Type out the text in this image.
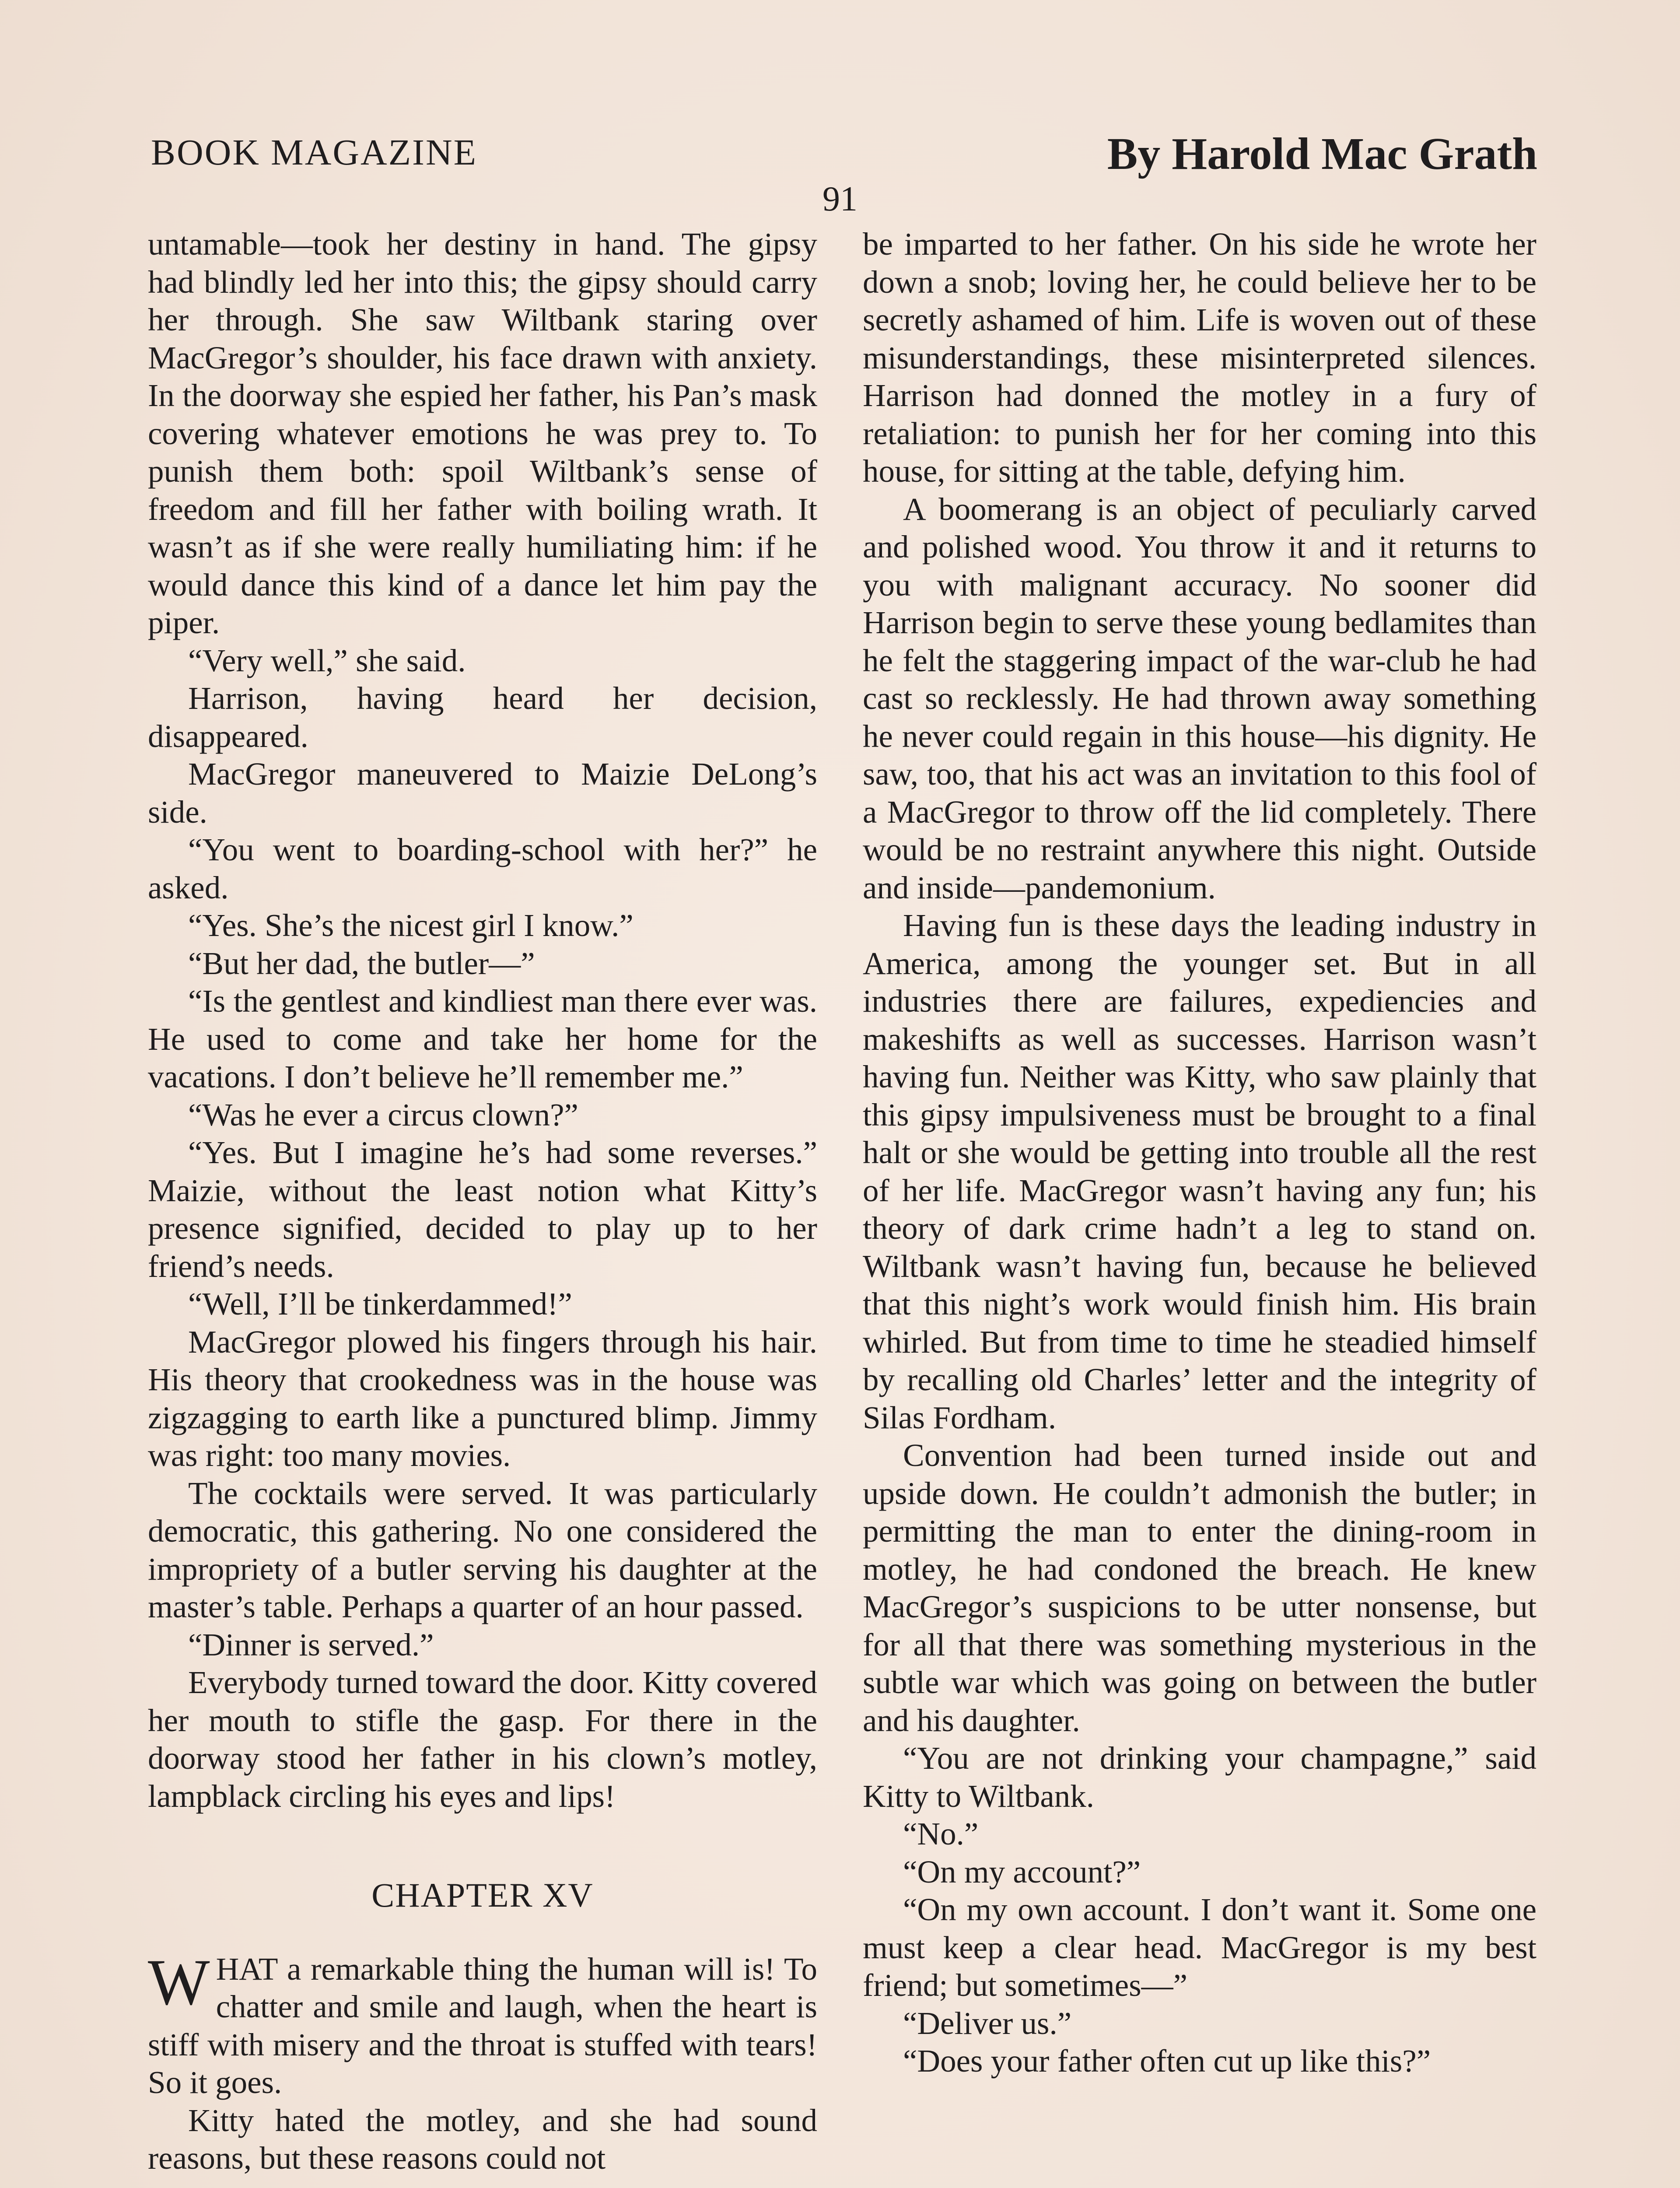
BOOK MAGAZINE	By Harold Mac Grath
91

untamable—took her destiny in hand. The gipsy had blindly led her into this; the gipsy should carry her through. She saw Wiltbank staring over MacGregor’s shoulder, his face drawn with anxiety. In the doorway she espied her father, his Pan’s mask covering whatever emotions he was prey to. To punish them both: spoil Wiltbank’s sense of freedom and fill her father with boiling wrath. It wasn’t as if she were really humiliating him: if he would dance this kind of a dance let him pay the piper.

“Very well,” she said.

Harrison, having heard her decision, disappeared.

MacGregor maneuvered to Maizie DeLong’s side.

“You went to boarding-school with her?” he asked.

“Yes. She’s the nicest girl I know.”

“But her dad, the butler—”

“Is the gentlest and kindliest man there ever was. He used to come and take her home for the vacations. I don’t believe he’ll remember me.”

“Was he ever a circus clown?”

“Yes. But I imagine he’s had some reverses.” Maizie, without the least notion what Kitty’s presence signified, decided to play up to her friend’s needs.

“Well, I’ll be tinkerdammed!”

MacGregor plowed his fingers through his hair. His theory that crookedness was in the house was zigzagging to earth like a punctured blimp. Jimmy was right: too many movies.

The cocktails were served. It was particularly democratic, this gathering. No one considered the impropriety of a butler serving his daughter at the master’s table. Perhaps a quarter of an hour passed.

“Dinner is served.”

Everybody turned toward the door. Kitty covered her mouth to stifle the gasp. For there in the doorway stood her father in his clown’s motley, lampblack circling his eyes and lips!

CHAPTER XV

WHAT a remarkable thing the human will is! To chatter and smile and laugh, when the heart is stiff with misery and the throat is stuffed with tears! So it goes.

Kitty hated the motley, and she had sound reasons, but these reasons could not

be imparted to her father. On his side he wrote her down a snob; loving her, he could believe her to be secretly ashamed of him. Life is woven out of these misunderstandings, these misinterpreted silences. Harrison had donned the motley in a fury of retaliation: to punish her for her coming into this house, for sitting at the table, defying him.

A boomerang is an object of peculiarly carved and polished wood. You throw it and it returns to you with malignant accuracy. No sooner did Harrison begin to serve these young bedlamites than he felt the staggering impact of the war-club he had cast so recklessly. He had thrown away something he never could regain in this house—his dignity. He saw, too, that his act was an invitation to this fool of a MacGregor to throw off the lid completely. There would be no restraint anywhere this night. Outside and inside—pandemonium.

Having fun is these days the leading industry in America, among the younger set. But in all industries there are failures, expediencies and makeshifts as well as successes. Harrison wasn’t having fun. Neither was Kitty, who saw plainly that this gipsy impulsiveness must be brought to a final halt or she would be getting into trouble all the rest of her life. MacGregor wasn’t having any fun; his theory of dark crime hadn’t a leg to stand on. Wiltbank wasn’t having fun, because he believed that this night’s work would finish him. His brain whirled. But from time to time he steadied himself by recalling old Charles’ letter and the integrity of Silas Fordham.

Convention had been turned inside out and upside down. He couldn’t admonish the butler; in permitting the man to enter the dining-room in motley, he had condoned the breach. He knew MacGregor’s suspicions to be utter nonsense, but for all that there was something mysterious in the subtle war which was going on between the butler and his daughter.

“You are not drinking your champagne,” said Kitty to Wiltbank.

“No.”

“On my account?”

“On my own account. I don’t want it. Some one must keep a clear head. MacGregor is my best friend; but sometimes—”

“Deliver us.”

“Does your father often cut up like this?”
